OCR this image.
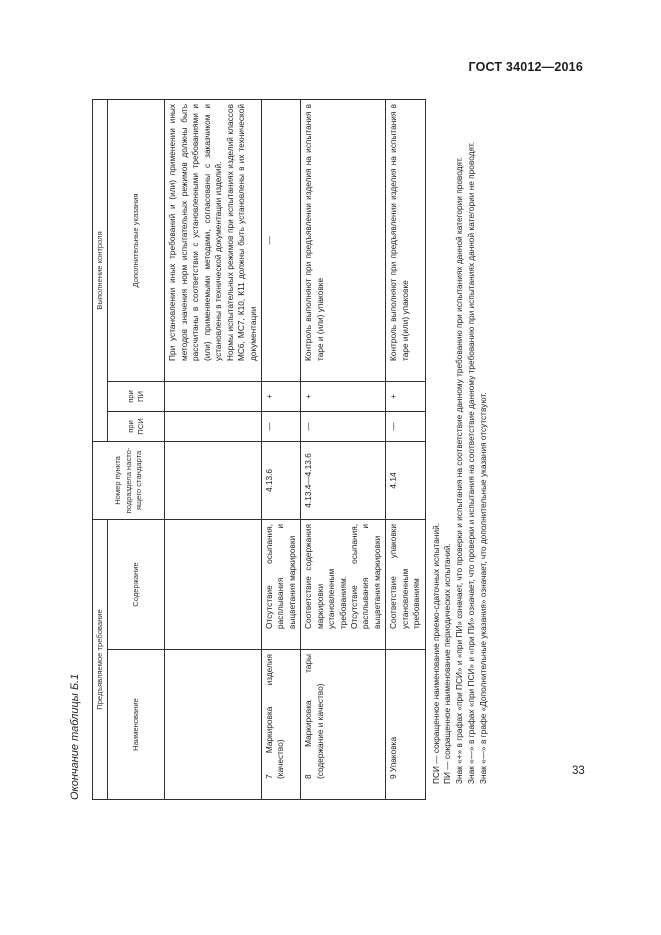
ГОСТ 34012—2016
Окончание таблицы Б.1
Предъявляемое требование		Номер пункта подраздела насто-ящего стандарта	Выполнение контроля		
Наименование	Содержание		при ПСИ	при ПИ	Дополнительные указания

					При установлении иных требований и (или) применении иных методов значения норм испытательных режимов должны быть рассчитаны в соответствии с установленными требованиями и (или) применяемыми методами, согласованы с заказчиком и установлены в технической документации изделий. Нормы испытательных режимов при испытаниях изделий классов МС6, МС7, К10, К11 должны быть установлены в их технической документации

7 Маркировка изделия (качество)	Отсутствие осыпания, расплывания и выцветания маркировки	4.13.6	—	+	—

8 Маркировка тары (содержание и качество)	Соответствие содержания маркировки установленным требованиям. Отсутствие осыпания, расплывания и выцветания маркировки	4.13.4—4.13.6	—	+	Контроль выполняют при предъявлении изделия на испытания в таре и (или) упаковке

9 Упаковка	Соответствие упаковки установленным требованиям	4.14	—	+	Контроль выполняют при предъявлении изделия на испытания в таре и(или) упаковке

ПСИ — сокращенное наименование приемо-сдаточных испытаний. ПИ — сокращенное наименование периодических испытаний. Знак «+» в графах «при ПСИ» и «при ПИ» означает, что проверки и испытания на соответствие данному требованию при испытаниях данной категории проводят. Знак «—» в графах «при ПСИ» и «при ПИ» означает, что проверки и испытания на соответствие данному требованию при испытаниях данной категории не проводят. Знак «—» в графе «Дополнительные указания» означает, что дополнительные указания отсутствуют.	33
